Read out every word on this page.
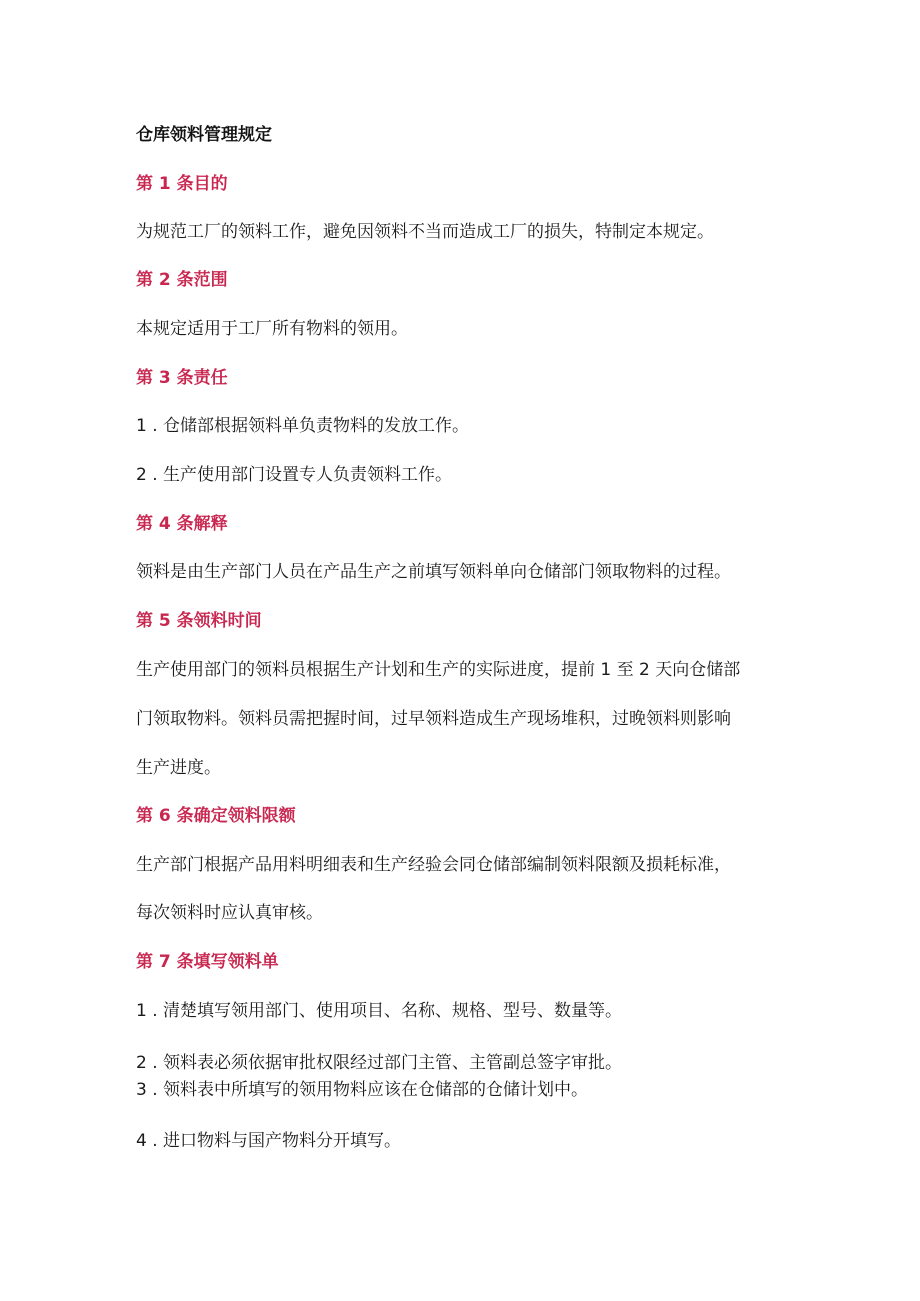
仓库领料管理规定
第 1 条目的
为规范工厂的领料工作，避免因领料不当而造成工厂的损失，特制定本规定。
第 2 条范围
本规定适用于工厂所有物料的领用。
第 3 条责任
1 . 仓储部根据领料单负责物料的发放工作。
2 . 生产使用部门设置专人负责领料工作。
第 4 条解释
领料是由生产部门人员在产品生产之前填写领料单向仓储部门领取物料的过程。
第 5 条领料时间
生产使用部门的领料员根据生产计划和生产的实际进度，提前 1 至 2 天向仓储部
门领取物料。领料员需把握时间，过早领料造成生产现场堆积，过晚领料则影响
生产进度。
第 6 条确定领料限额
生产部门根据产品用料明细表和生产经验会同仓储部编制领料限额及损耗标准，
每次领料时应认真审核。
第 7 条填写领料单
1 . 清楚填写领用部门、使用项目、名称、规格、型号、数量等。
2 . 领料表必须依据审批权限经过部门主管、主管副总签字审批。
3 . 领料表中所填写的领用物料应该在仓储部的仓储计划中。
4 . 进口物料与国产物料分开填写。
